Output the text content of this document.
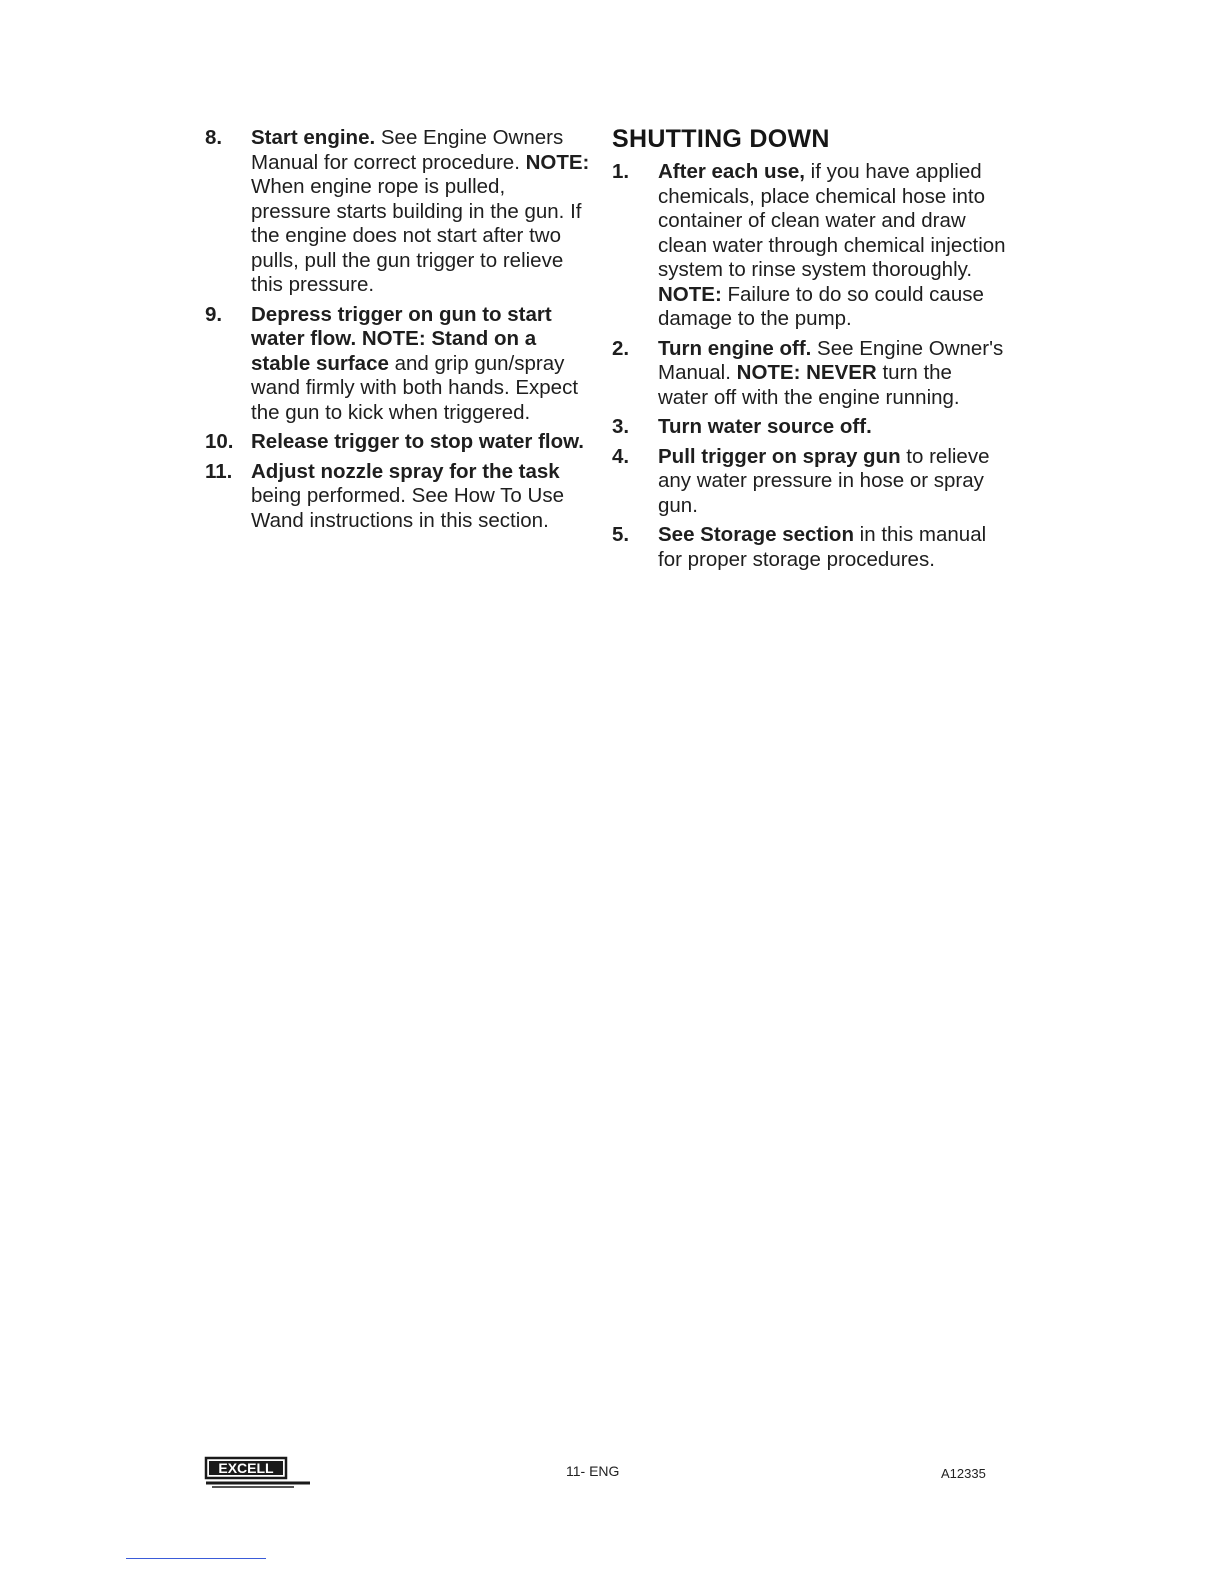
8. Start engine. See Engine Owners Manual for correct procedure. NOTE: When engine rope is pulled, pressure starts building in the gun. If the engine does not start after two pulls, pull the gun trigger to relieve this pressure.
9. Depress trigger on gun to start water flow. NOTE: Stand on a stable surface and grip gun/spray wand firmly with both hands. Expect the gun to kick when triggered.
10. Release trigger to stop water flow.
11. Adjust nozzle spray for the task being performed. See How To Use Wand instructions in this section.
SHUTTING DOWN
1. After each use, if you have applied chemicals, place chemical hose into container of clean water and draw clean water through chemical injection system to rinse system thoroughly. NOTE: Failure to do so could cause damage to the pump.
2. Turn engine off. See Engine Owner's Manual. NOTE: NEVER turn the water off with the engine running.
3. Turn water source off.
4. Pull trigger on spray gun to relieve any water pressure in hose or spray gun.
5. See Storage section in this manual for proper storage procedures.
EXCELL	11- ENG	A12335
